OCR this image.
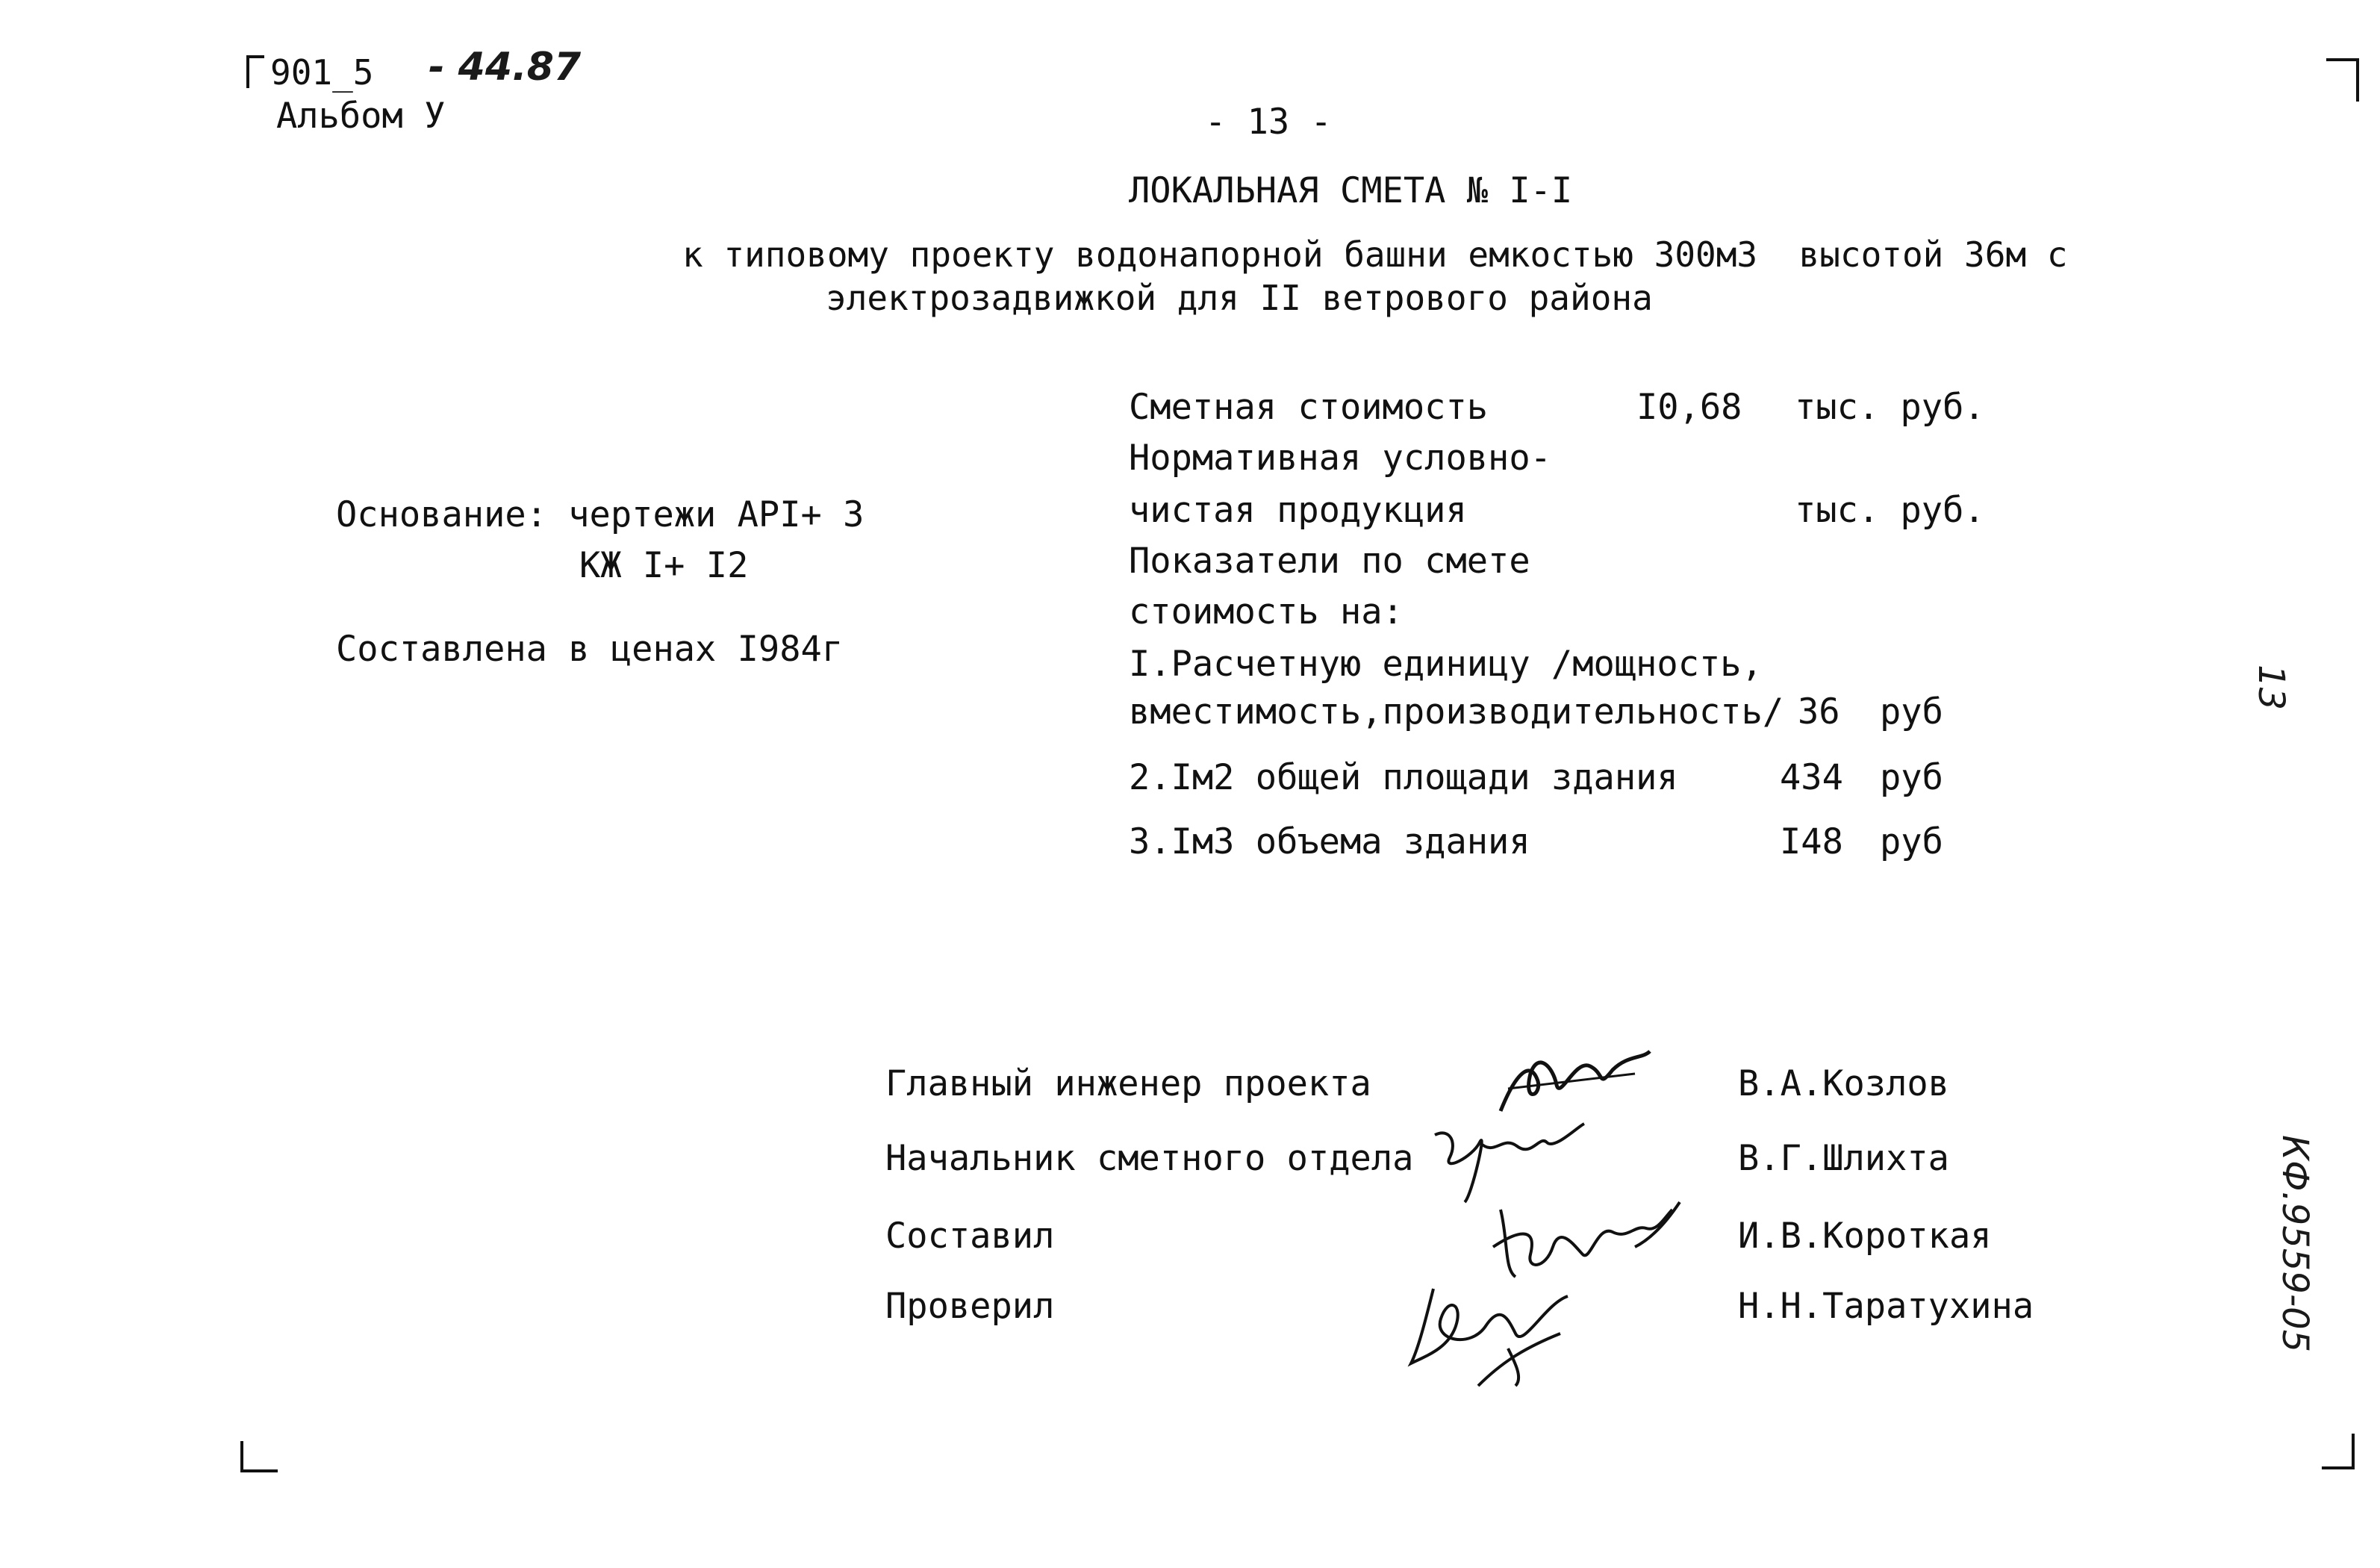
901_5 - 44.87
Альбом У	- 13 -
ЛОКАЛЬНАЯ СМЕТА № I-I
к типовому проекту водонапорной башни емкостью 300м3  высотой 36м с
электрозадвижкой для II ветрового района
Основание: чертежи АРI+ 3
КЖ I+ I2
Составлена в ценах I984г
Сметная стоимость	I0,68 тыс. руб.
Нормативная условно-
чистая продукция	тыс. руб.
Показатели по смете
стоимость на:
I.Расчетную единицу /мощность,
вместимость,производительность/ 36 руб
2.Iм2 общей площади здания	434 руб
3.Iм3 объема здания	I48 руб
Главный инженер проекта	В.А.Козлов
Начальник сметного отдела	В.Г.Шлихта
Составил	И.В.Короткая
Проверил	Н.Н.Таратухина
13
КФ.9559-05
